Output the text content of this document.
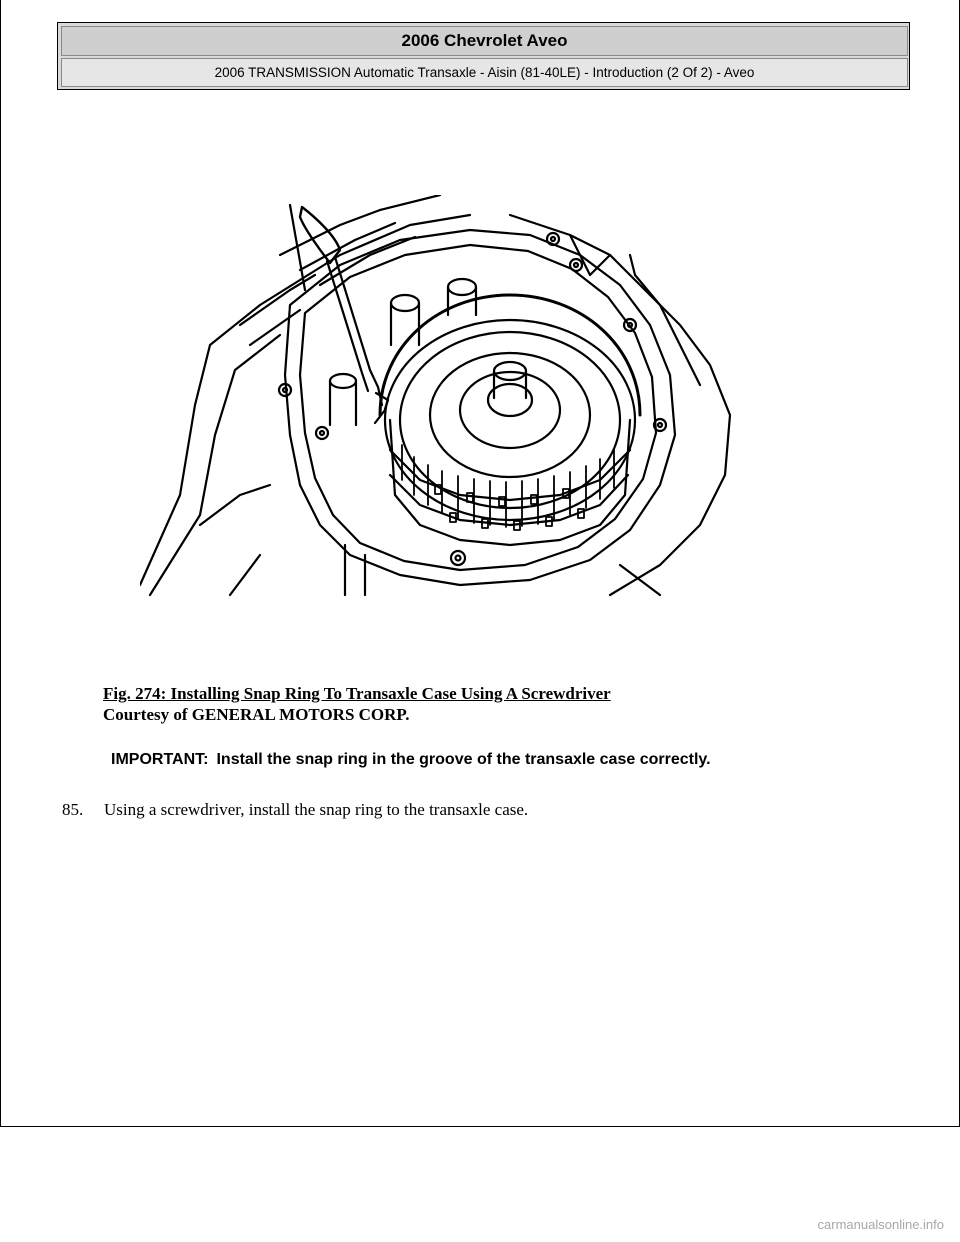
2006 Chevrolet Aveo
2006 TRANSMISSION Automatic Transaxle - Aisin (81-40LE) - Introduction (2 Of 2) - Aveo
Fig. 274: Installing Snap Ring To Transaxle Case Using A Screwdriver
Courtesy of GENERAL MOTORS CORP.
IMPORTANT: Install the snap ring in the groove of the transaxle case correctly.
85.	Using a screwdriver, install the snap ring to the transaxle case.
carmanualsonline.info
